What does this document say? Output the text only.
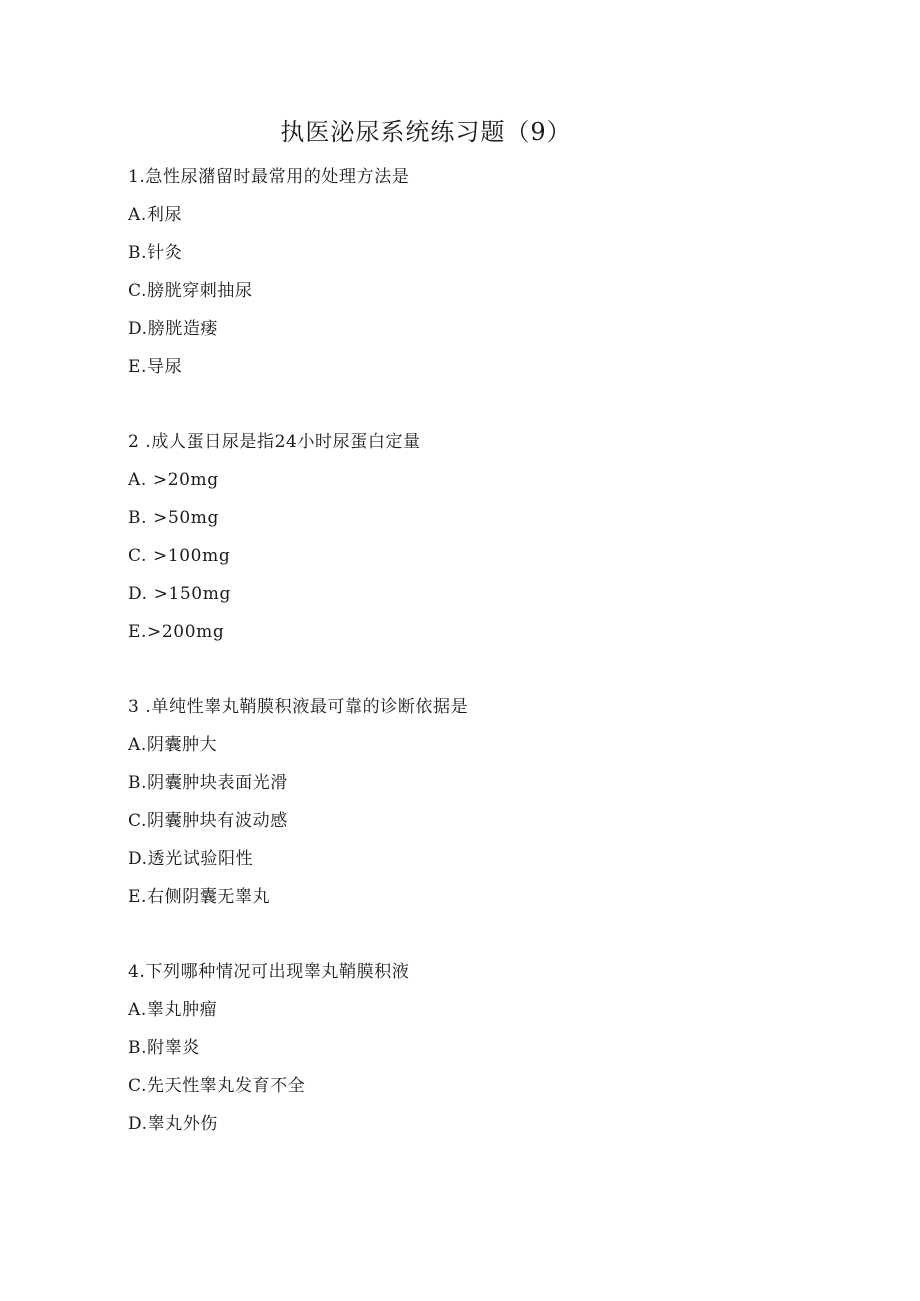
执医泌尿系统练习题（9）
1.急性尿潴留时最常用的处理方法是
A.利尿
B.针灸
C.膀胱穿刺抽尿
D.膀胱造瘘
E.导尿
2 .成人蛋日尿是指24小时尿蛋白定量
A. >20mg
B. >50mg
C. >100mg
D. >150mg
E.>200mg
3 .单纯性睾丸鞘膜积液最可靠的诊断依据是
A.阴囊肿大
B.阴囊肿块表面光滑
C.阴囊肿块有波动感
D.透光试验阳性
E.右侧阴囊无睾丸
4.下列哪种情况可出现睾丸鞘膜积液
A.睾丸肿瘤
B.附睾炎
C.先天性睾丸发育不全
D.睾丸外伤
